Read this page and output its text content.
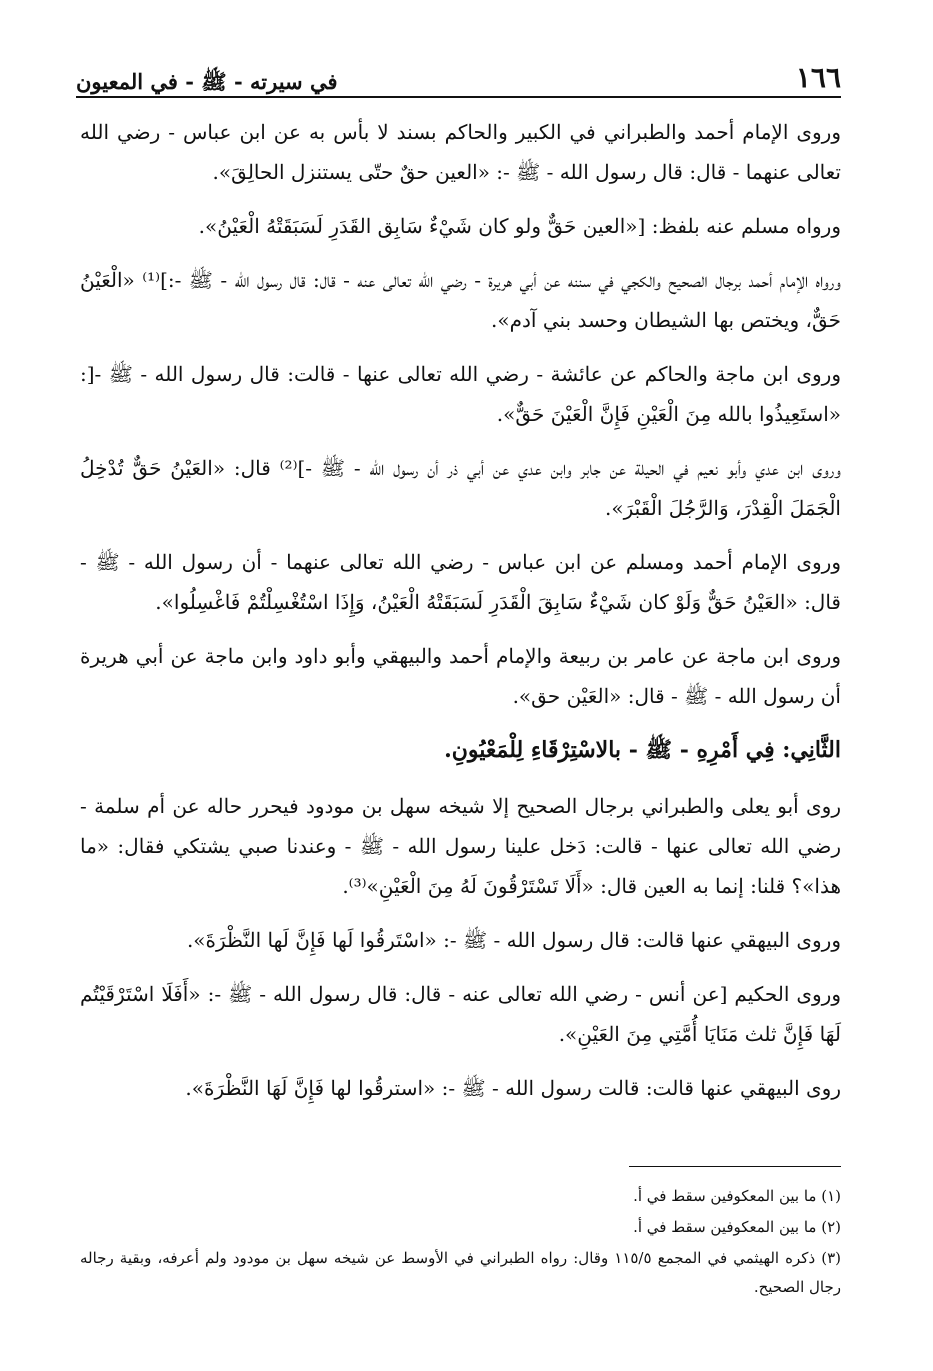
١٦٦
في سيرته - ﷺ - في المعيون

وروى الإمام أحمد والطبراني في الكبير والحاكم بسند لا بأس به عن ابن عباس - رضي الله تعالى عنهما - قال: قال رسول الله - ﷺ -: «العين حقٌ حتّى يستنزل الحالِقَ».

ورواه مسلم عنه بلفظ: [«العين حَقٌّ ولو كان شَيْءٌ سَابِق القَدَرِ لَسَبَقَتْهُ الْعَيْنُ».

ورواه الإمام أحمد برجال الصحيح والكجي في سننه عن أبي هريرة - رضي الله تعالى عنه - قال: قال رسول الله - ﷺ -:]⁽¹⁾ «الْعَيْنُ حَقٌّ، ويختص بها الشيطان وحسد بني آدم».

وروى ابن ماجة والحاكم عن عائشة - رضي الله تعالى عنها - قالت: قال رسول الله - ﷺ -[: «استَعِيذُوا بالله مِنَ الْعَيْنِ فَإِنَّ الْعَيْنَ حَقٌّ».

وروى ابن عدي وأبو نعيم في الحيلة عن جابر وابن عدي عن أبي ذر أن رسول الله - ﷺ -]⁽²⁾ قال: «العَيْنُ حَقٌّ تُدْخِلُ الْجَمَلَ الْقِدْرَ، وَالرَّجُلَ الْقَبْرَ».

وروى الإمام أحمد ومسلم عن ابن عباس - رضي الله تعالى عنهما - أن رسول الله - ﷺ - قال: «العَيْنُ حَقٌّ وَلَوْ كان شَيْءٌ سَابِقَ الْقَدَرِ لَسَبَقَتْهُ الْعَيْنُ، وَإِذَا اسْتُغْسِلْتُمْ فَاغْسِلُوا».

وروى ابن ماجة عن عامر بن ربيعة والإمام أحمد والبيهقي وأبو داود وابن ماجة عن أبي هريرة أن رسول الله - ﷺ - قال: «العَيْن حق».

الثَّانِي: فِي أَمْرِهِ - ﷺ - بالاسْتِرْقَاءِ لِلْمَعْيُونِ.

روى أبو يعلى والطبراني برجال الصحيح إلا شيخه سهل بن مودود فيحرر حاله عن أم سلمة - رضي الله تعالى عنها - قالت: دَخل علينا رسول الله - ﷺ - وعندنا صبي يشتكي فقال: «ما هذا»؟ قلنا: إنما به العين قال: «أَلَا تَسْتَرْقُونَ لَهُ مِنَ الْعَيْنِ»⁽³⁾.

وروى البيهقي عنها قالت: قال رسول الله - ﷺ -: «اسْتَرقُوا لَها فَإِنَّ لَها النَّظْرَةَ».

وروى الحكيم [عن أنس - رضي الله تعالى عنه - قال: قال رسول الله - ﷺ -: «أَفَلَا اسْتَرْقَيْتُم لَهَا فَإِنَّ ثلث مَنَايَا أُمَّتِي مِنَ العَيْنِ».

روى البيهقي عنها قالت: قالت رسول الله - ﷺ -: «استرقُوا لها فَإِنَّ لَهَا النَّظْرَةَ».

(١) ما بين المعكوفين سقط في أ.

(٢) ما بين المعكوفين سقط في أ.

(٣) ذكره الهيثمي في المجمع ١١٥/٥ وقال: رواه الطبراني في الأوسط عن شيخه سهل بن مودود ولم أعرفه، وبقية رجاله رجال الصحيح.
